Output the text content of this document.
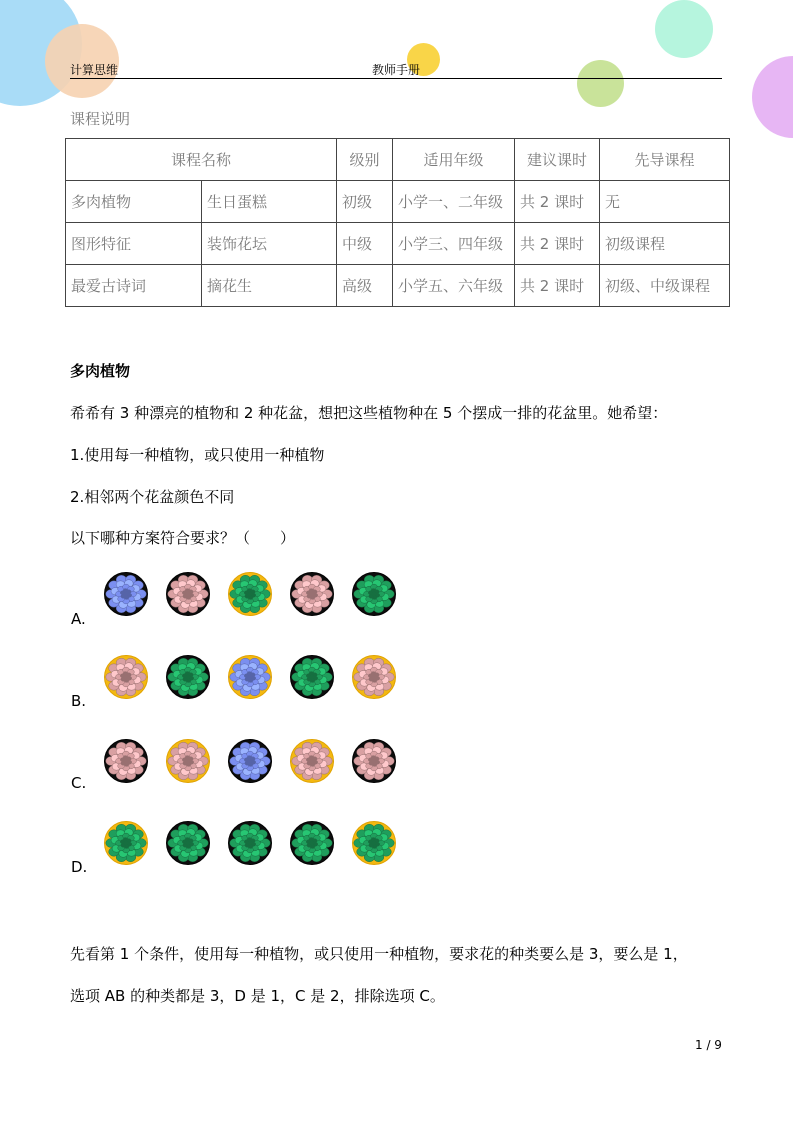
计算思维	教师手册
课程说明
课程名称		级别	适用年级	建议课时	先导课程
多肉植物	生日蛋糕	初级	小学一、二年级	共 2 课时	无
图形特征	装饰花坛	中级	小学三、四年级	共 2 课时	初级课程
最爱古诗词	摘花生	高级	小学五、六年级	共 2 课时	初级、中级课程
多肉植物
希希有 3 种漂亮的植物和 2 种花盆，想把这些植物种在 5 个摆成一排的花盆里。她希望：
1.使用每一种植物，或只使用一种植物
2.相邻两个花盆颜色不同
以下哪种方案符合要求？（　　）
A.
B.
C.
D.
先看第 1 个条件，使用每一种植物，或只使用一种植物，要求花的种类要么是 3，要么是 1，
选项 AB 的种类都是 3，D 是 1，C 是 2，排除选项 C。
1 / 9
